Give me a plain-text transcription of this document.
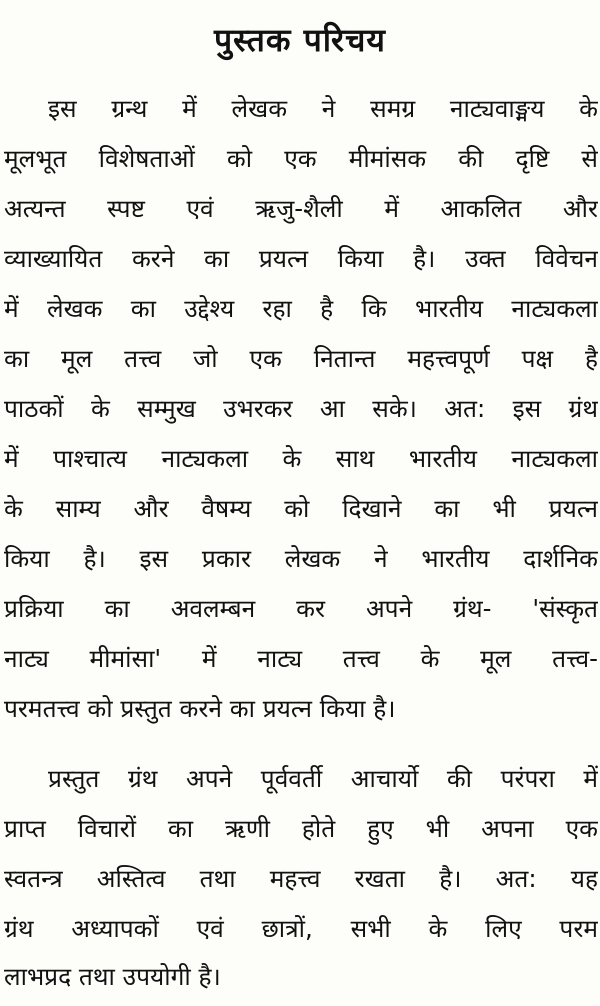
पुस्तक परिचय
इस ग्रन्थ में लेखक ने समग्र नाट्यवाङ्मय के
मूलभूत विशेषताओं को एक मीमांसक की दृष्टि से
अत्यन्त स्पष्ट एवं ऋजु-शैली में आकलित और
व्याख्यायित करने का प्रयत्न किया है। उक्त विवेचन
में लेखक का उद्देश्य रहा है कि भारतीय नाट्यकला
का मूल तत्त्व जो एक नितान्त महत्त्वपूर्ण पक्ष है
पाठकों के सम्मुख उभरकर आ सके। अत: इस ग्रंथ
में पाश्चात्य नाट्यकला के साथ भारतीय नाट्यकला
के साम्य और वैषम्य को दिखाने का भी प्रयत्न
किया है। इस प्रकार लेखक ने भारतीय दार्शनिक
प्रक्रिया का अवलम्बन कर अपने ग्रंथ- 'संस्कृत
नाट्य मीमांसा' में नाट्य तत्त्व के मूल तत्त्व-
परमतत्त्व को प्रस्तुत करने का प्रयत्न किया है।
प्रस्तुत ग्रंथ अपने पूर्ववर्ती आचार्यो की परंपरा में
प्राप्त विचारों का ऋणी होते हुए भी अपना एक
स्वतन्त्र अस्तित्व तथा महत्त्व रखता है। अत: यह
ग्रंथ अध्यापकों एवं छात्रों, सभी के लिए परम
लाभप्रद तथा उपयोगी है।
